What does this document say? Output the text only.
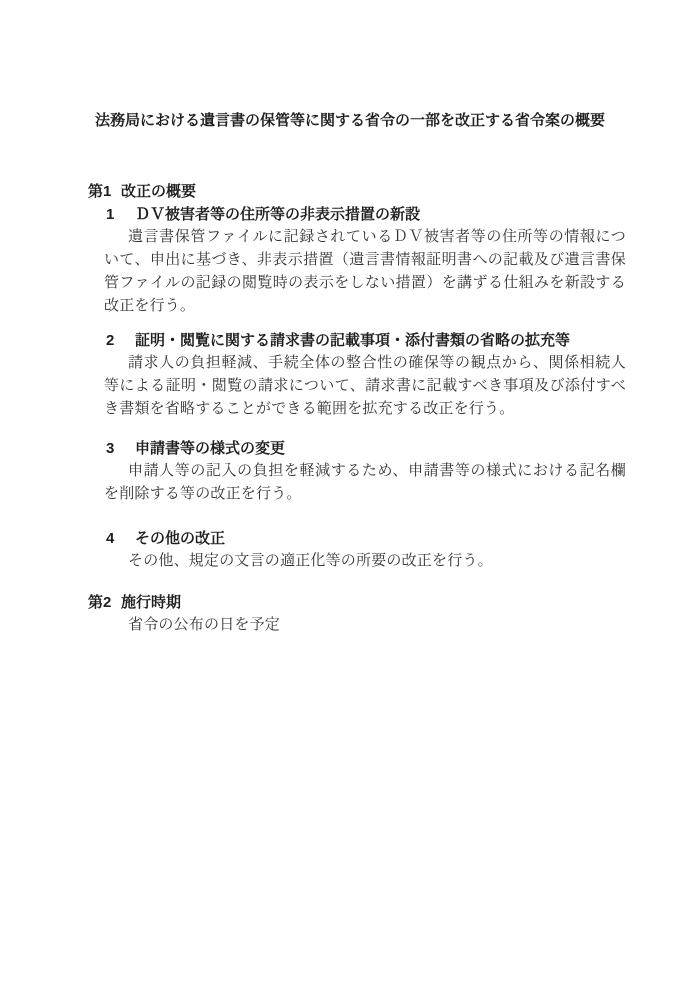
法務局における遺言書の保管等に関する省令の一部を改正する省令案の概要
第1 改正の概要
1	ＤＶ被害者等の住所等の非表示措置の新設

遺言書保管ファイルに記録されているＤＶ被害者等の住所等の情報について、申出に基づき、非表示措置（遺言書情報証明書への記載及び遺言書保管ファイルの記録の閲覧時の表示をしない措置）を講ずる仕組みを新設する改正を行う。

2	証明・閲覧に関する請求書の記載事項・添付書類の省略の拡充等

請求人の負担軽減、手続全体の整合性の確保等の観点から、関係相続人等による証明・閲覧の請求について、請求書に記載すべき事項及び添付すべき書類を省略することができる範囲を拡充する改正を行う。

3	申請書等の様式の変更

申請人等の記入の負担を軽減するため、申請書等の様式における記名欄を削除する等の改正を行う。

4	その他の改正

その他、規定の文言の適正化等の所要の改正を行う。

第2 施行時期

省令の公布の日を予定
